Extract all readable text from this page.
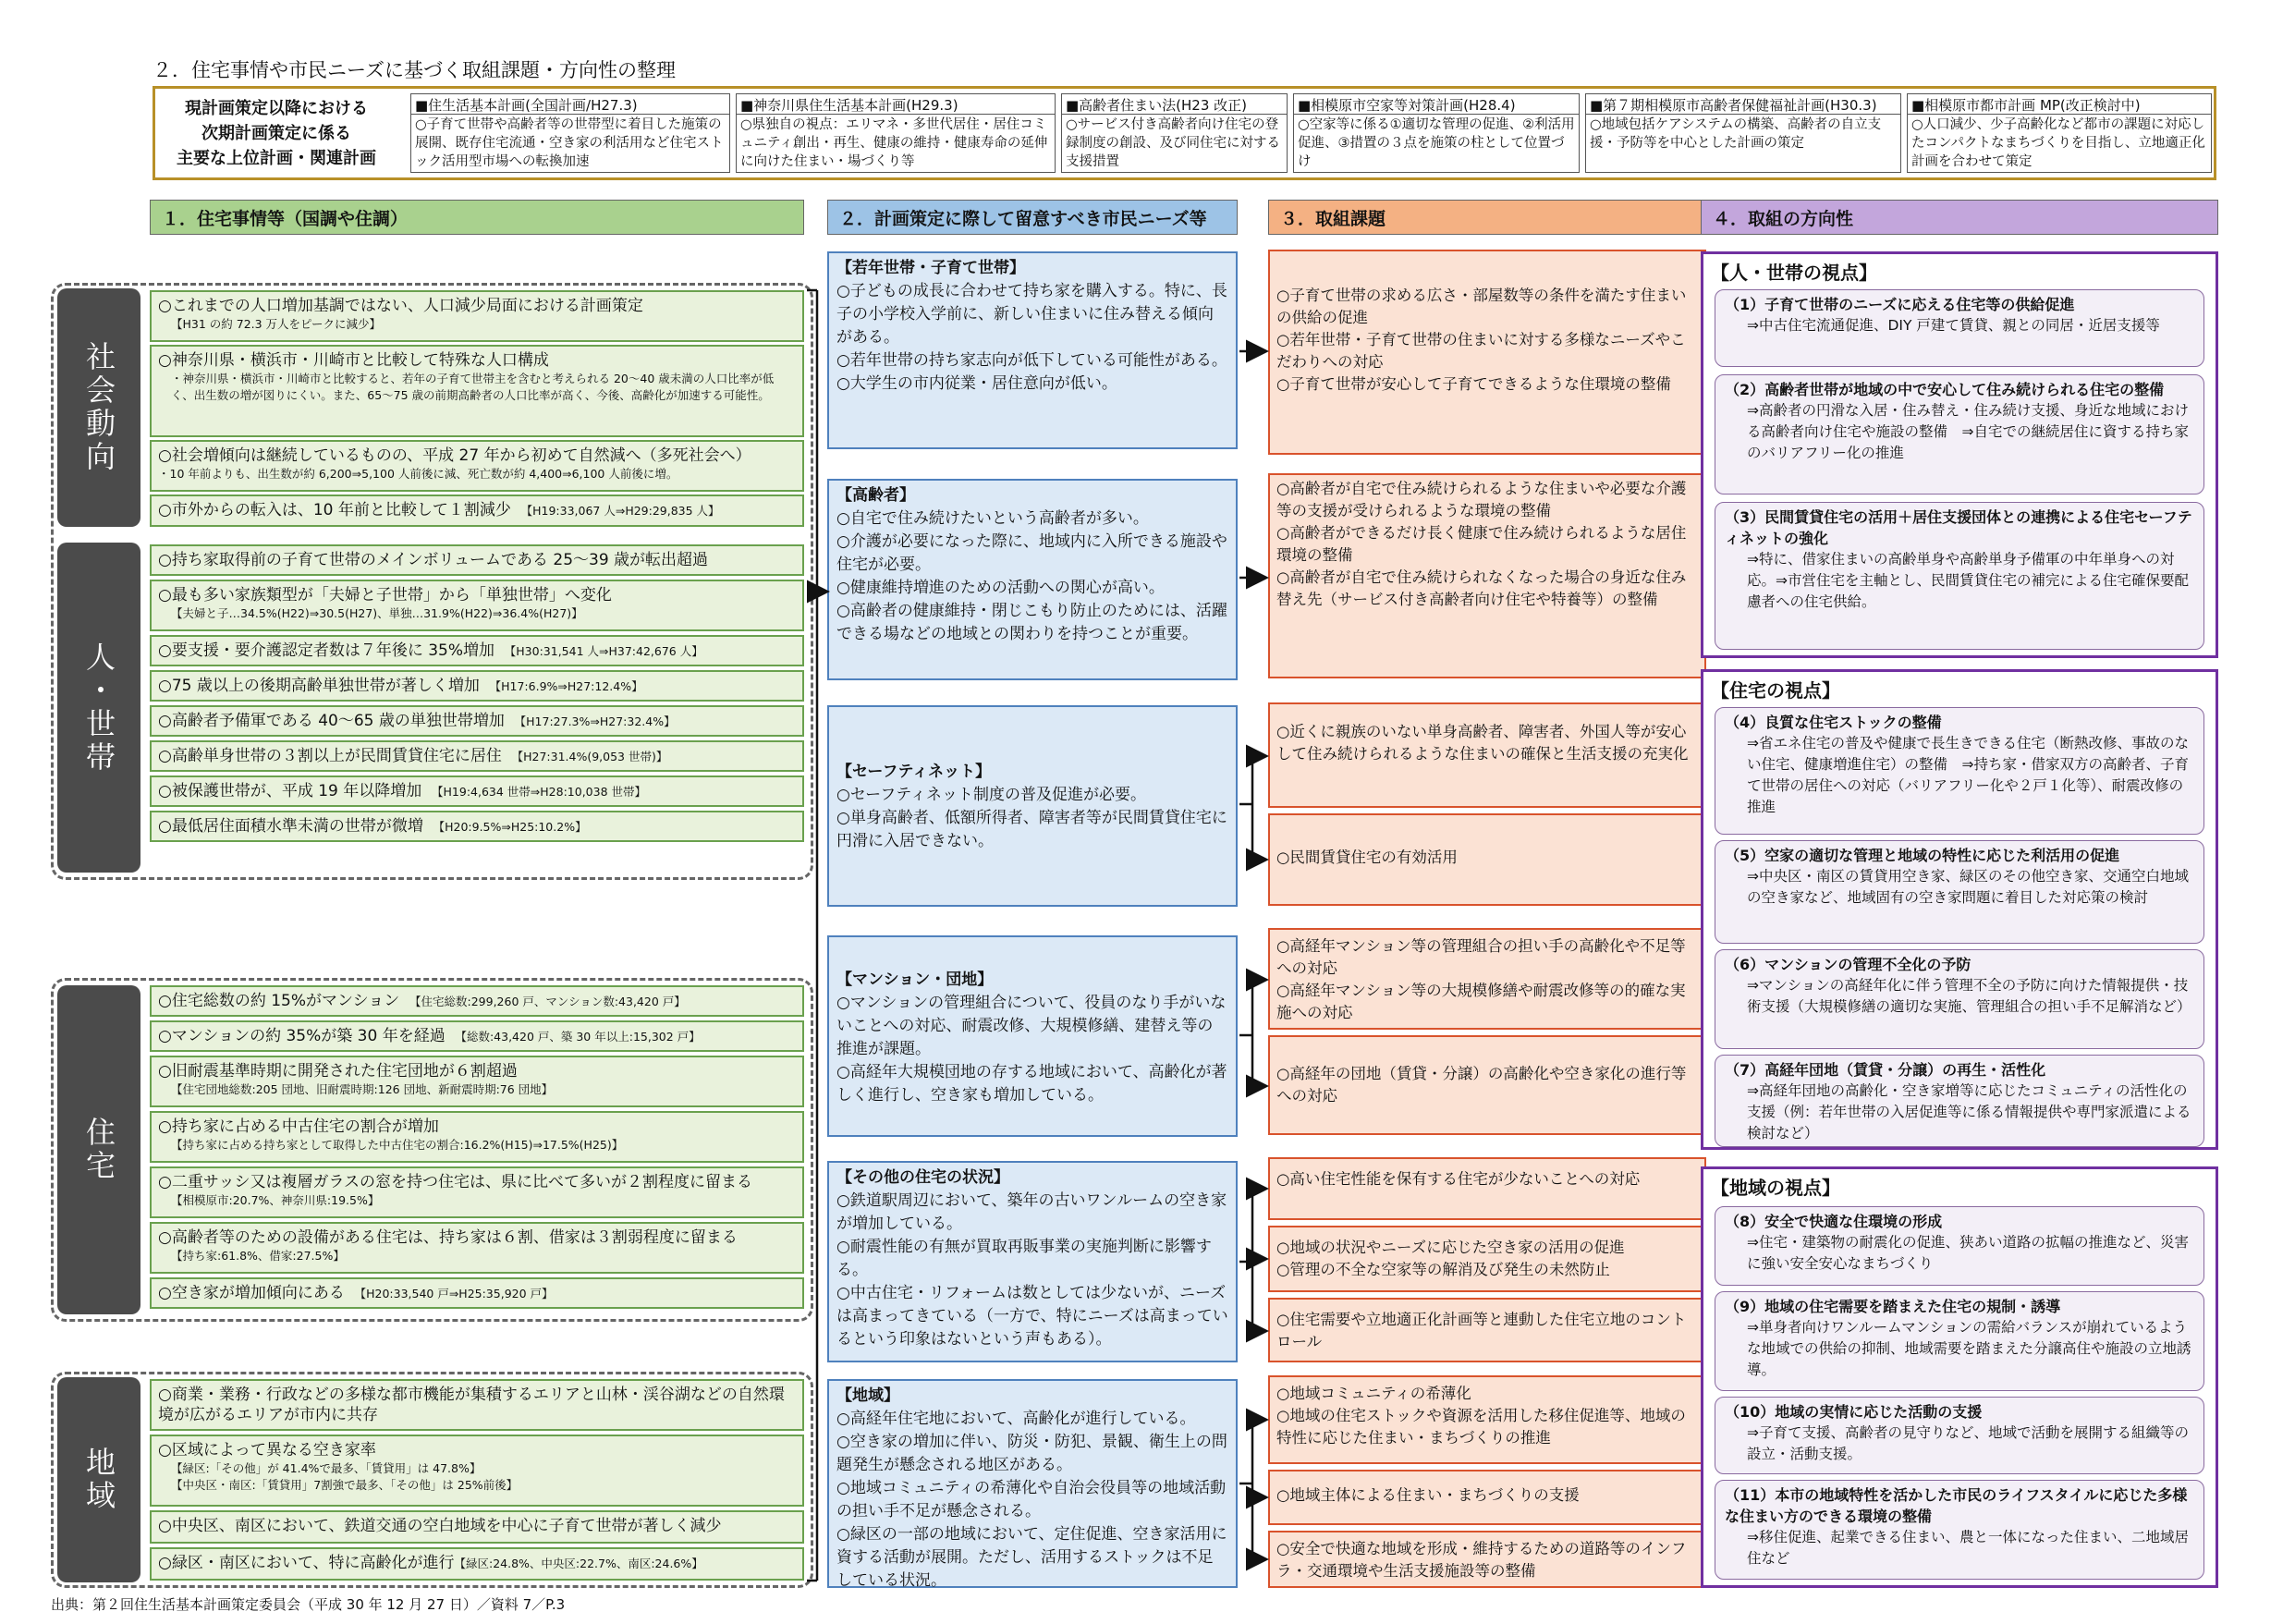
２．住宅事情や市民ニーズに基づく取組課題・方向性の整理
現計画策定以降における
次期計画策定に係る
主要な上位計画・関連計画
■住生活基本計画(全国計画/H27.3)
○子育て世帯や高齢者等の世帯型に着目した施策の展開、既存住宅流通・空き家の利活用など住宅ストック活用型市場への転換加速
■神奈川県住生活基本計画(H29.3)
○県独自の視点：エリマネ・多世代居住・居住コミュニティ創出・再生、健康の維持・健康寿命の延伸に向けた住まい・場づくり等
■高齢者住まい法(H23 改正)
○サービス付き高齢者向け住宅の登録制度の創設、及び同住宅に対する支援措置
■相模原市空家等対策計画(H28.4)
○空家等に係る①適切な管理の促進、②利活用促進、③措置の３点を施策の柱として位置づけ
■第７期相模原市高齢者保健福祉計画(H30.3)
○地域包括ケアシステムの構築、高齢者の自立支援・予防等を中心とした計画の策定
■相模原市都市計画 MP(改正検討中)
○人口減少、少子高齢化など都市の課題に対応したコンパクトなまちづくりを目指し、立地適正化計画を合わせて策定
１．住宅事情等（国調や住調）	２．計画策定に際して留意すべき市民ニーズ等	３．取組課題	４．取組の方向性
社会動向
人・世帯
住宅
地域
○これまでの人口増加基調ではない、人口減少局面における計画策定
【H31 の約 72.3 万人をピークに減少】
○神奈川県・横浜市・川崎市と比較して特殊な人口構成
・神奈川県・横浜市・川崎市と比較すると、若年の子育て世帯主を含むと考えられる 20～40 歳未満の人口比率が低く、出生数の増が図りにくい。また、65～75 歳の前期高齢者の人口比率が高く、今後、高齢化が加速する可能性。
○社会増傾向は継続しているものの、平成 27 年から初めて自然減へ（多死社会へ）
・10 年前よりも、出生数が約 6,200⇒5,100 人前後に減、死亡数が約 4,400⇒6,100 人前後に増。
○市外からの転入は、10 年前と比較して１割減少　 【H19:33,067 人⇒H29:29,835 人】
○持ち家取得前の子育て世帯のメインボリュームである 25～39 歳が転出超過
○最も多い家族類型が「夫婦と子世帯」から「単独世帯」へ変化
【夫婦と子…34.5%(H22)⇒30.5(H27)、単独…31.9%(H22)⇒36.4%(H27)】
○要支援・要介護認定者数は７年後に 35%増加　 【H30:31,541 人⇒H37:42,676 人】
○75 歳以上の後期高齢単独世帯が著しく増加　 【H17:6.9%⇒H27:12.4%】
○高齢者予備軍である 40～65 歳の単独世帯増加　 【H17:27.3%⇒H27:32.4%】
○高齢単身世帯の３割以上が民間賃貸住宅に居住　 【H27:31.4%(9,053 世帯)】
○被保護世帯が、平成 19 年以降増加　 【H19:4,634 世帯⇒H28:10,038 世帯】
○最低居住面積水準未満の世帯が微増　 【H20:9.5%⇒H25:10.2%】
○住宅総数の約 15%がマンション　 【住宅総数:299,260 戸、マンション数:43,420 戸】
○マンションの約 35%が築 30 年を経過　 【総数:43,420 戸、築 30 年以上:15,302 戸】
○旧耐震基準時期に開発された住宅団地が６割超過
【住宅団地総数:205 団地、旧耐震時期:126 団地、新耐震時期:76 団地】
○持ち家に占める中古住宅の割合が増加
【持ち家に占める持ち家として取得した中古住宅の割合:16.2%(H15)⇒17.5%(H25)】
○二重サッシ又は複層ガラスの窓を持つ住宅は、県に比べて多いが２割程度に留まる
【相模原市:20.7%、神奈川県:19.5%】
○高齢者等のための設備がある住宅は、持ち家は６割、借家は３割弱程度に留まる
【持ち家:61.8%、借家:27.5%】
○空き家が増加傾向にある　 【H20:33,540 戸⇒H25:35,920 戸】
○商業・業務・行政などの多様な都市機能が集積するエリアと山林・渓谷湖などの自然環境が広がるエリアが市内に共存
○区域によって異なる空き家率
【緑区:「その他」が 41.4%で最多、「賃貸用」は 47.8%】
【中央区・南区:「賃貸用」7割強で最多、「その他」は 25%前後】
○中央区、南区において、鉄道交通の空白地域を中心に子育て世帯が著しく減少
○緑区・南区において、特に高齢化が進行【緑区:24.8%、中央区:22.7%、南区:24.6%】
【若年世帯・子育て世帯】
○子どもの成長に合わせて持ち家を購入する。特に、長子の小学校入学前に、新しい住まいに住み替える傾向がある。
○若年世帯の持ち家志向が低下している可能性がある。
○大学生の市内従業・居住意向が低い。
【高齢者】
○自宅で住み続けたいという高齢者が多い。
○介護が必要になった際に、地域内に入所できる施設や住宅が必要。
○健康維持増進のための活動への関心が高い。
○高齢者の健康維持・閉じこもり防止のためには、活躍できる場などの地域との関わりを持つことが重要。
【セーフティネット】
○セーフティネット制度の普及促進が必要。
○単身高齢者、低額所得者、障害者等が民間賃貸住宅に円滑に入居できない。
【マンション・団地】
○マンションの管理組合について、役員のなり手がいないことへの対応、耐震改修、大規模修繕、建替え等の推進が課題。
○高経年大規模団地の存する地域において、高齢化が著しく進行し、空き家も増加している。
【その他の住宅の状況】
○鉄道駅周辺において、築年の古いワンルームの空き家が増加している。
○耐震性能の有無が買取再販事業の実施判断に影響する。
○中古住宅・リフォームは数としては少ないが、ニーズは高まってきている（一方で、特にニーズは高まっているという印象はないという声もある）。
【地域】
○高経年住宅地において、高齢化が進行している。
○空き家の増加に伴い、防災・防犯、景観、衛生上の問題発生が懸念される地区がある。
○地域コミュニティの希薄化や自治会役員等の地域活動の担い手不足が懸念される。
○緑区の一部の地域において、定住促進、空き家活用に資する活動が展開。ただし、活用するストックは不足している状況。
○子育て世帯の求める広さ・部屋数等の条件を満たす住まいの供給の促進
○若年世帯・子育て世帯の住まいに対する多様なニーズやこだわりへの対応
○子育て世帯が安心して子育てできるような住環境の整備
○高齢者が自宅で住み続けられるような住まいや必要な介護等の支援が受けられるような環境の整備
○高齢者ができるだけ長く健康で住み続けられるような居住環境の整備
○高齢者が自宅で住み続けられなくなった場合の身近な住み替え先（サービス付き高齢者向け住宅や特養等）の整備
○近くに親族のいない単身高齢者、障害者、外国人等が安心して住み続けられるような住まいの確保と生活支援の充実化
○民間賃貸住宅の有効活用
○高経年マンション等の管理組合の担い手の高齢化や不足等への対応
○高経年マンション等の大規模修繕や耐震改修等の的確な実施への対応
○高経年の団地（賃貸・分譲）の高齢化や空き家化の進行等への対応
○高い住宅性能を保有する住宅が少ないことへの対応
○地域の状況やニーズに応じた空き家の活用の促進
○管理の不全な空家等の解消及び発生の未然防止
○住宅需要や立地適正化計画等と連動した住宅立地のコントロール
○地域コミュニティの希薄化
○地域の住宅ストックや資源を活用した移住促進等、地域の特性に応じた住まい・まちづくりの推進
○地域主体による住まい・まちづくりの支援
○安全で快適な地域を形成・維持するための道路等のインフラ・交通環境や生活支援施設等の整備
【人・世帯の視点】
（1）子育て世帯のニーズに応える住宅等の供給促進
⇒中古住宅流通促進、DIY 戸建て賃貸、親との同居・近居支援等
（2）高齢者世帯が地域の中で安心して住み続けられる住宅の整備
⇒高齢者の円滑な入居・住み替え・住み続け支援、身近な地域における高齢者向け住宅や施設の整備　⇒自宅での継続居住に資する持ち家のバリアフリー化の推進
（3）民間賃貸住宅の活用＋居住支援団体との連携による住宅セーフティネットの強化
⇒特に、借家住まいの高齢単身や高齢単身予備軍の中年単身への対応。⇒市営住宅を主軸とし、民間賃貸住宅の補完による住宅確保要配慮者への住宅供給。
【住宅の視点】
（4）良質な住宅ストックの整備
⇒省エネ住宅の普及や健康で長生きできる住宅（断熱改修、事故のない住宅、健康増進住宅）の整備　⇒持ち家・借家双方の高齢者、子育て世帯の居住への対応（バリアフリー化や２戸１化等）、耐震改修の推進
（5）空家の適切な管理と地域の特性に応じた利活用の促進
⇒中央区・南区の賃貸用空き家、緑区のその他空き家、交通空白地域の空き家など、地域固有の空き家問題に着目した対応策の検討
（6）マンションの管理不全化の予防
⇒マンションの高経年化に伴う管理不全の予防に向けた情報提供・技術支援（大規模修繕の適切な実施、管理組合の担い手不足解消など）
（7）高経年団地（賃貸・分譲）の再生・活性化
⇒高経年団地の高齢化・空き家増等に応じたコミュニティの活性化の支援（例：若年世帯の入居促進等に係る情報提供や専門家派遣による検討など）
【地域の視点】
（8）安全で快適な住環境の形成
⇒住宅・建築物の耐震化の促進、狭あい道路の拡幅の推進など、災害に強い安全安心なまちづくり
（9）地域の住宅需要を踏まえた住宅の規制・誘導
⇒単身者向けワンルームマンションの需給バランスが崩れているような地域での供給の抑制、地域需要を踏まえた分譲高住や施設の立地誘導。
（10）地域の実情に応じた活動の支援
⇒子育て支援、高齢者の見守りなど、地域で活動を展開する組織等の設立・活動支援。
（11）本市の地域特性を活かした市民のライフスタイルに応じた多様な住まい方のできる環境の整備
⇒移住促進、起業できる住まい、農と一体になった住まい、二地域居住など
出典：第２回住生活基本計画策定委員会（平成 30 年 12 月 27 日）／資料 7／P.3
